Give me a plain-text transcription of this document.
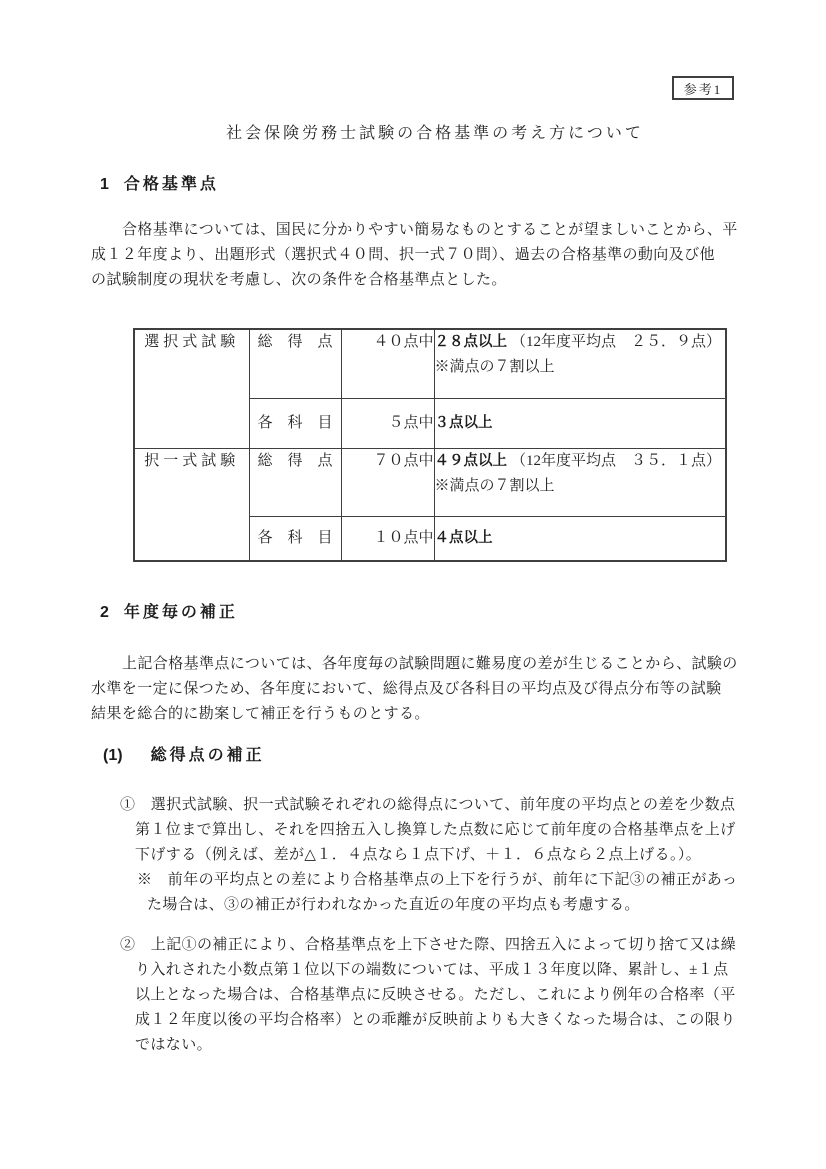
参考1
社会保険労務士試験の合格基準の考え方について
1 合格基準点
合格基準については、国民に分かりやすい簡易なものとすることが望ましいことから、平
成１２年度より、出題形式（選択式４０問、択一式７０問）、過去の合格基準の動向及び他
の試験制度の現状を考慮し、次の条件を合格基準点とした。
選択式試験	総　得　点	４０点中	２８点以上 （12年度平均点　２５．９点）
※満点の７割以上

	各　科　目	５点中	３点以上
択一式試験	総　得　点	７０点中	４９点以上 （12年度平均点　３５．１点）
※満点の７割以上

	各　科　目	１０点中	４点以上
2 年度毎の補正
上記合格基準点については、各年度毎の試験問題に難易度の差が生じることから、試験の
水準を一定に保つため、各年度において、総得点及び各科目の平均点及び得点分布等の試験
結果を総合的に勘案して補正を行うものとする。
(1) 総得点の補正
①　選択式試験、択一式試験それぞれの総得点について、前年度の平均点との差を少数点
第１位まで算出し、それを四捨五入し換算した点数に応じて前年度の合格基準点を上げ
下げする（例えば、差が△１．４点なら１点下げ、＋１．６点なら２点上げる。）。
※　前年の平均点との差により合格基準点の上下を行うが、前年に下記③の補正があっ
た場合は、③の補正が行われなかった直近の年度の平均点も考慮する。
②　上記①の補正により、合格基準点を上下させた際、四捨五入によって切り捨て又は繰
り入れされた小数点第１位以下の端数については、平成１３年度以降、累計し、±１点
以上となった場合は、合格基準点に反映させる。ただし、これにより例年の合格率（平
成１２年度以後の平均合格率）との乖離が反映前よりも大きくなった場合は、この限り
ではない。
